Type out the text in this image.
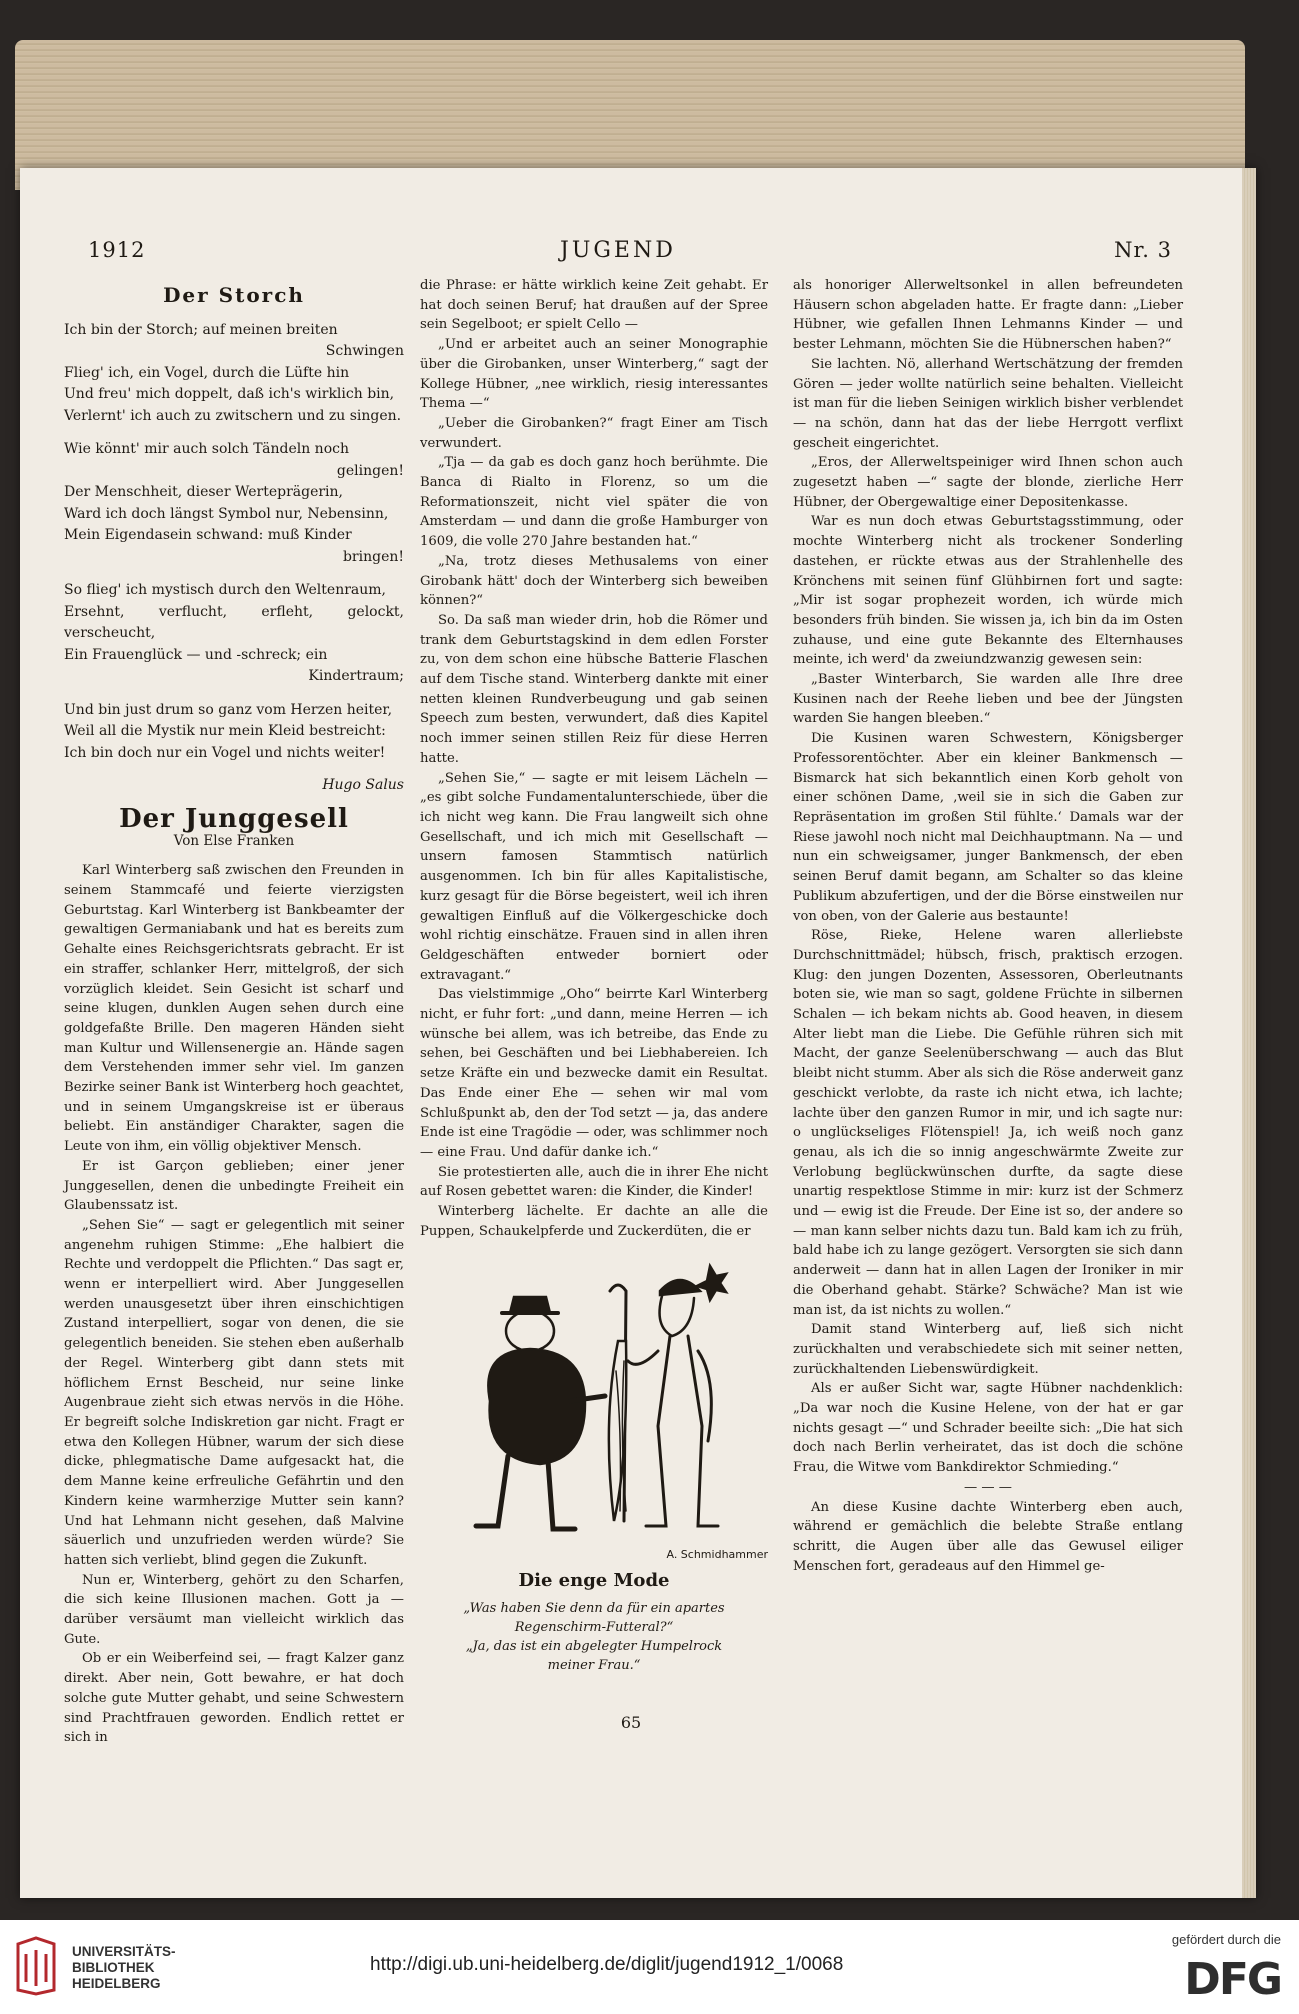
1912	JUGEND	Nr. 3
Der Storch
Ich bin der Storch; auf meinen breiten
Schwingen
Flieg' ich, ein Vogel, durch die Lüfte hin
Und freu' mich doppelt, daß ich's wirklich bin,
Verlernt' ich auch zu zwitschern und zu singen.
Wie könnt' mir auch solch Tändeln noch
gelingen!
Der Menschheit, dieser Werteprägerin,
Ward ich doch längst Symbol nur, Nebensinn,
Mein Eigendasein schwand: muß Kinder
bringen!
So flieg' ich mystisch durch den Weltenraum,
Ersehnt, verflucht, erfleht, gelockt, verscheucht,
Ein Frauenglück — und -schreck; ein
Kindertraum;
Und bin just drum so ganz vom Herzen heiter,
Weil all die Mystik nur mein Kleid bestreicht:
Ich bin doch nur ein Vogel und nichts weiter!
Hugo Salus
Der Junggesell
Von Else Franken

Karl Winterberg saß zwischen den Freunden in seinem Stammcafé und feierte vierzigsten Geburtstag. Karl Winterberg ist Bankbeamter der gewaltigen Germaniabank und hat es bereits zum Gehalte eines Reichsgerichtsrats gebracht. Er ist ein straffer, schlanker Herr, mittelgroß, der sich vorzüglich kleidet. Sein Gesicht ist scharf und seine klugen, dunklen Augen sehen durch eine goldgefaßte Brille. Den mageren Händen sieht man Kultur und Willensenergie an. Hände sagen dem Verstehenden immer sehr viel. Im ganzen Bezirke seiner Bank ist Winterberg hoch geachtet, und in seinem Umgangskreise ist er überaus beliebt. Ein anständiger Charakter, sagen die Leute von ihm, ein völlig objektiver Mensch.

Er ist Garçon geblieben; einer jener Junggesellen, denen die unbedingte Freiheit ein Glaubenssatz ist.

„Sehen Sie“ — sagt er gelegentlich mit seiner angenehm ruhigen Stimme: „Ehe halbiert die Rechte und verdoppelt die Pflichten.“ Das sagt er, wenn er interpelliert wird. Aber Junggesellen werden unausgesetzt über ihren einschichtigen Zustand interpelliert, sogar von denen, die sie gelegentlich beneiden. Sie stehen eben außerhalb der Regel. Winterberg gibt dann stets mit höflichem Ernst Bescheid, nur seine linke Augenbraue zieht sich etwas nervös in die Höhe. Er begreift solche Indiskretion gar nicht. Fragt er etwa den Kollegen Hübner, warum der sich diese dicke, phlegmatische Dame aufgesackt hat, die dem Manne keine erfreuliche Gefährtin und den Kindern keine warmherzige Mutter sein kann? Und hat Lehmann nicht gesehen, daß Malvine säuerlich und unzufrieden werden würde? Sie hatten sich verliebt, blind gegen die Zukunft.

Nun er, Winterberg, gehört zu den Scharfen, die sich keine Illusionen machen. Gott ja — darüber versäumt man vielleicht wirklich das Gute.

Ob er ein Weiberfeind sei, — fragt Kalzer ganz direkt. Aber nein, Gott bewahre, er hat doch solche gute Mutter gehabt, und seine Schwestern sind Prachtfrauen geworden. Endlich rettet er sich in

die Phrase: er hätte wirklich keine Zeit gehabt. Er hat doch seinen Beruf; hat draußen auf der Spree sein Segelboot; er spielt Cello —

„Und er arbeitet auch an seiner Monographie über die Girobanken, unser Winterberg,“ sagt der Kollege Hübner, „nee wirklich, riesig interessantes Thema —“

„Ueber die Girobanken?“ fragt Einer am Tisch verwundert.

„Tja — da gab es doch ganz hoch berühmte. Die Banca di Rialto in Florenz, so um die Reformationszeit, nicht viel später die von Amsterdam — und dann die große Hamburger von 1609, die volle 270 Jahre bestanden hat.“

„Na, trotz dieses Methusalems von einer Girobank hätt' doch der Winterberg sich beweiben können?“

So. Da saß man wieder drin, hob die Römer und trank dem Geburtstagskind in dem edlen Forster zu, von dem schon eine hübsche Batterie Flaschen auf dem Tische stand. Winterberg dankte mit einer netten kleinen Rundverbeugung und gab seinen Speech zum besten, verwundert, daß dies Kapitel noch immer seinen stillen Reiz für diese Herren hatte.

„Sehen Sie,“ — sagte er mit leisem Lächeln — „es gibt solche Fundamentalunterschiede, über die ich nicht weg kann. Die Frau langweilt sich ohne Gesellschaft, und ich mich mit Gesellschaft — unsern famosen Stammtisch natürlich ausgenommen. Ich bin für alles Kapitalistische, kurz gesagt für die Börse begeistert, weil ich ihren gewaltigen Einfluß auf die Völkergeschicke doch wohl richtig einschätze. Frauen sind in allen ihren Geldgeschäften entweder borniert oder extravagant.“

Das vielstimmige „Oho“ beirrte Karl Winterberg nicht, er fuhr fort: „und dann, meine Herren — ich wünsche bei allem, was ich betreibe, das Ende zu sehen, bei Geschäften und bei Liebhabereien. Ich setze Kräfte ein und bezwecke damit ein Resultat. Das Ende einer Ehe — sehen wir mal vom Schlußpunkt ab, den der Tod setzt — ja, das andere Ende ist eine Tragödie — oder, was schlimmer noch — eine Frau. Und dafür danke ich.“

Sie protestierten alle, auch die in ihrer Ehe nicht auf Rosen gebettet waren: die Kinder, die Kinder!

Winterberg lächelte. Er dachte an alle die Puppen, Schaukelpferde und Zuckerdüten, die er

A. Schmidhammer
Die enge Mode
„Was haben Sie denn da für ein apartes
Regenschirm-Futteral?“
„Ja, das ist ein abgelegter Humpelrock
meiner Frau.“

als honoriger Allerweltsonkel in allen befreundeten Häusern schon abgeladen hatte. Er fragte dann: „Lieber Hübner, wie gefallen Ihnen Lehmanns Kinder — und bester Lehmann, möchten Sie die Hübnerschen haben?“

Sie lachten. Nö, allerhand Wertschätzung der fremden Gören — jeder wollte natürlich seine behalten. Vielleicht ist man für die lieben Seinigen wirklich bisher verblendet — na schön, dann hat das der liebe Herrgott verflixt gescheit eingerichtet.

„Eros, der Allerweltspeiniger wird Ihnen schon auch zugesetzt haben —“ sagte der blonde, zierliche Herr Hübner, der Obergewaltige einer Depositenkasse.

War es nun doch etwas Geburtstagsstimmung, oder mochte Winterberg nicht als trockener Sonderling dastehen, er rückte etwas aus der Strahlenhelle des Krönchens mit seinen fünf Glühbirnen fort und sagte: „Mir ist sogar prophezeit worden, ich würde mich besonders früh binden. Sie wissen ja, ich bin da im Osten zuhause, und eine gute Bekannte des Elternhauses meinte, ich werd' da zweiundzwanzig gewesen sein:

„Baster Winterbarch, Sie warden alle Ihre dree Kusinen nach der Reehe lieben und bee der Jüngsten warden Sie hangen bleeben.“

Die Kusinen waren Schwestern, Königsberger Professorentöchter. Aber ein kleiner Bankmensch — Bismarck hat sich bekanntlich einen Korb geholt von einer schönen Dame, ‚weil sie in sich die Gaben zur Repräsentation im großen Stil fühlte.‘ Damals war der Riese jawohl noch nicht mal Deichhauptmann. Na — und nun ein schweigsamer, junger Bankmensch, der eben seinen Beruf damit begann, am Schalter so das kleine Publikum abzufertigen, und der die Börse einstweilen nur von oben, von der Galerie aus bestaunte!

Röse, Rieke, Helene waren allerliebste Durchschnittmädel; hübsch, frisch, praktisch erzogen. Klug: den jungen Dozenten, Assessoren, Oberleutnants boten sie, wie man so sagt, goldene Früchte in silbernen Schalen — ich bekam nichts ab. Good heaven, in diesem Alter liebt man die Liebe. Die Gefühle rühren sich mit Macht, der ganze Seelenüberschwang — auch das Blut bleibt nicht stumm. Aber als sich die Röse anderweit ganz geschickt verlobte, da raste ich nicht etwa, ich lachte; lachte über den ganzen Rumor in mir, und ich sagte nur: o unglückseliges Flötenspiel! Ja, ich weiß noch ganz genau, als ich die so innig angeschwärmte Zweite zur Verlobung beglückwünschen durfte, da sagte diese unartig respektlose Stimme in mir: kurz ist der Schmerz und — ewig ist die Freude. Der Eine ist so, der andere so — man kann selber nichts dazu tun. Bald kam ich zu früh, bald habe ich zu lange gezögert. Versorgten sie sich dann anderweit — dann hat in allen Lagen der Ironiker in mir die Oberhand gehabt. Stärke? Schwäche? Man ist wie man ist, da ist nichts zu wollen.“

Damit stand Winterberg auf, ließ sich nicht zurückhalten und verabschiedete sich mit seiner netten, zurückhaltenden Liebenswürdigkeit.

Als er außer Sicht war, sagte Hübner nachdenklich: „Da war noch die Kusine Helene, von der hat er gar nichts gesagt —“ und Schrader beeilte sich: „Die hat sich doch nach Berlin verheiratet, das ist doch die schöne Frau, die Witwe vom Bankdirektor Schmieding.“

— — —

An diese Kusine dachte Winterberg eben auch, während er gemächlich die belebte Straße entlang schritt, die Augen über alle das Gewusel eiliger Menschen fort, geradeaus auf den Himmel ge-

65
UNIVERSITÄTS-
BIBLIOTHEK
HEIDELBERG
http://digi.ub.uni-heidelberg.de/diglit/jugend1912_1/0068
gefördert durch die
DFG
